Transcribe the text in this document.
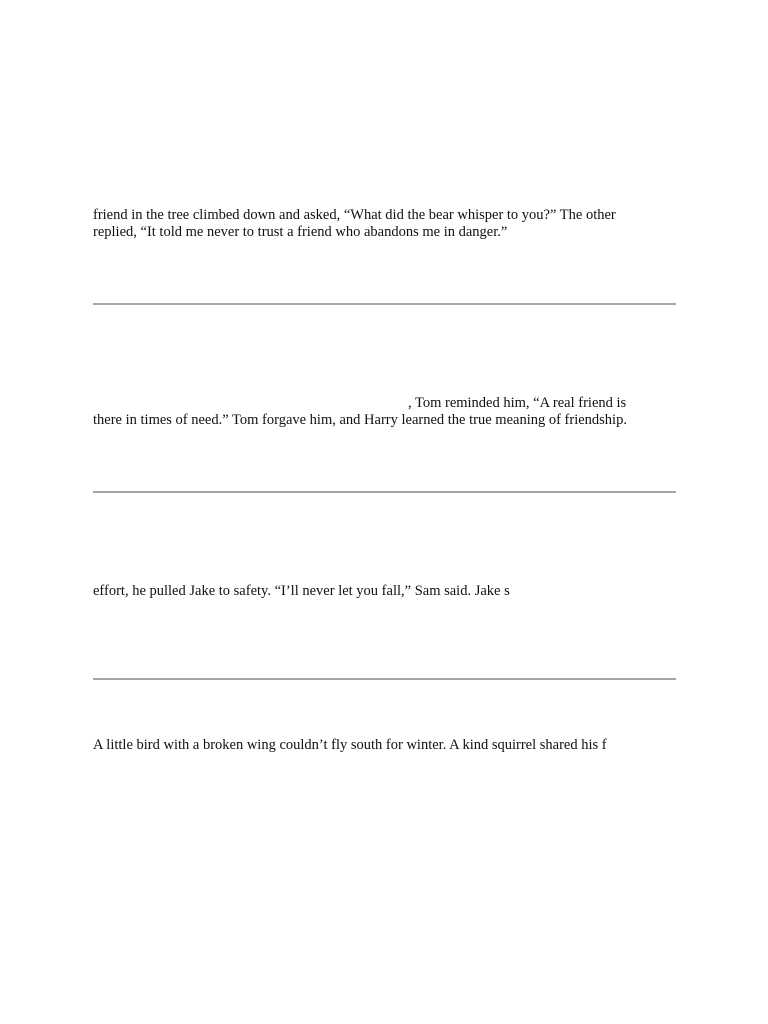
friend in the tree climbed down and asked, “What did the bear whisper to you?” The other
replied, “It told me never to trust a friend who abandons me in danger.”
, Tom reminded him, “A real friend is
there in times of need.” Tom forgave him, and Harry learned the true meaning of friendship.
effort, he pulled Jake to safety. “I’ll never let you fall,” Sam said. Jake s
A little bird with a broken wing couldn’t fly south for winter. A kind squirrel shared his f
